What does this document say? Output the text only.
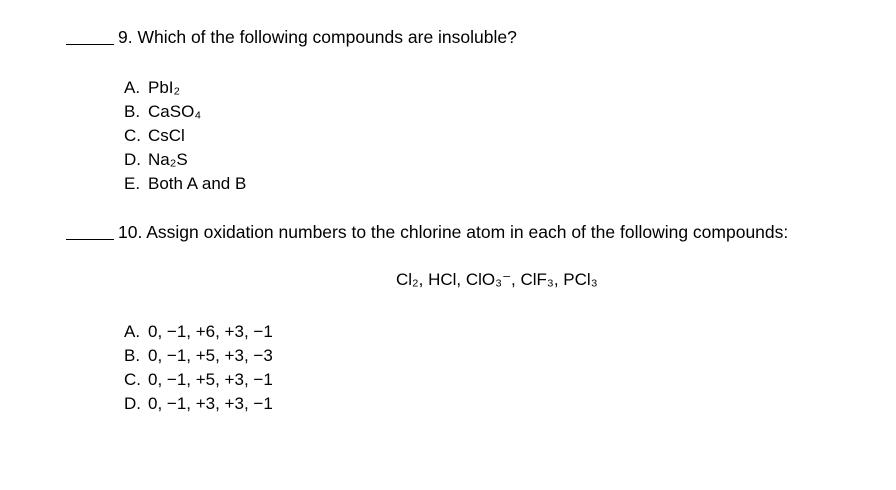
9. Which of the following compounds are insoluble?
A. PbI₂
B. CaSO₄
C. CsCl
D. Na₂S
E. Both A and B
10. Assign oxidation numbers to the chlorine atom in each of the following compounds:
Cl₂, HCl, ClO₃⁻, ClF₃, PCl₃
A. 0, −1, +6, +3, −1
B. 0, −1, +5, +3, −3
C. 0, −1, +5, +3, −1
D. 0, −1, +3, +3, −1
